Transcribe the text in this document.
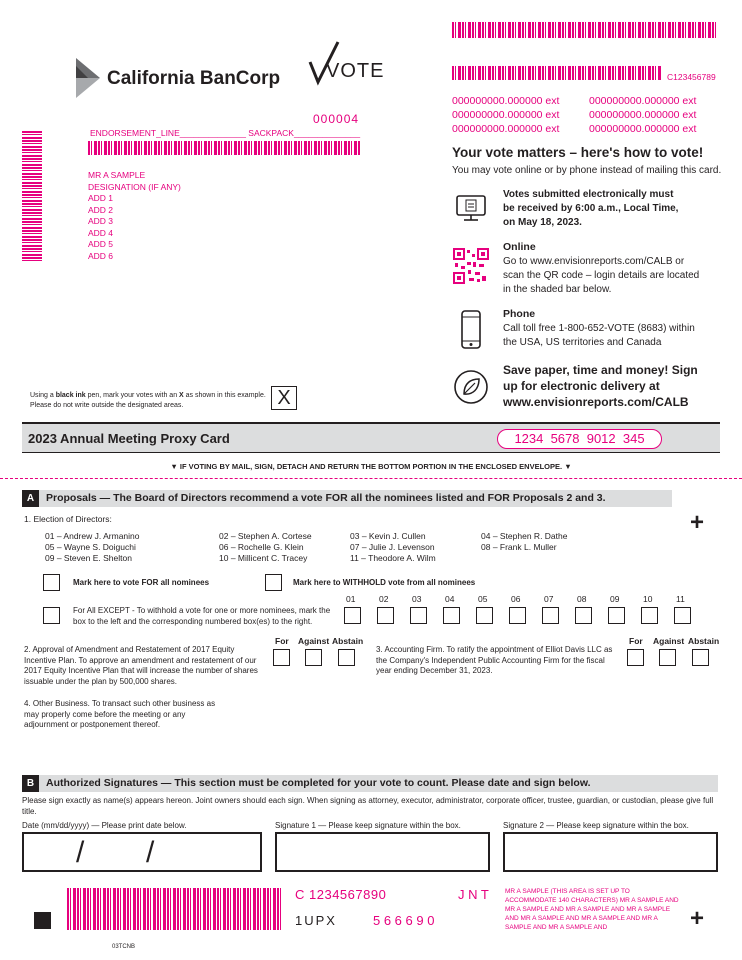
California BanCorp VOTE
000004
ENDORSEMENT_LINE______________ SACKPACK______________
MR A SAMPLE
DESIGNATION (IF ANY)
ADD 1
ADD 2
ADD 3
ADD 4
ADD 5
ADD 6
C123456789
000000000.000000 ext	000000000.000000 ext
000000000.000000 ext	000000000.000000 ext
000000000.000000 ext	000000000.000000 ext
Your vote matters – here's how to vote!
You may vote online or by phone instead of mailing this card.
Votes submitted electronically must be received by 6:00 a.m., Local Time, on May 18, 2023.
Online
Go to www.envisionreports.com/CALB or scan the QR code – login details are located in the shaded bar below.
Phone
Call toll free 1-800-652-VOTE (8683) within the USA, US territories and Canada
Save paper, time and money! Sign up for electronic delivery at www.envisionreports.com/CALB
Using a black ink pen, mark your votes with an X as shown in this example.
Please do not write outside the designated areas.	X
2023 Annual Meeting Proxy Card	1234  5678  9012  345
▼ IF VOTING BY MAIL, SIGN, DETACH AND RETURN THE BOTTOM PORTION IN THE ENCLOSED ENVELOPE. ▼
A	Proposals — The Board of Directors recommend a vote FOR all the nominees listed and FOR Proposals 2 and 3.
+
1. Election of Directors:
01 – Andrew J. Armanino
05 – Wayne S. Doiguchi
09 – Steven E. Shelton
02 – Stephen A. Cortese
06 – Rochelle G. Klein
10 – Millicent C. Tracey
03 – Kevin J. Cullen
07 – Julie J. Levenson
11 – Theodore A. Wilm
04 – Stephen R. Dathe
08 – Frank L. Muller
Mark here to vote FOR all nominees	Mark here to WITHHOLD vote from all nominees
For All EXCEPT - To withhold a vote for one or more nominees, mark the box to the left and the corresponding numbered box(es) to the right.
01	02	03	04	05	06	07	08	09	10	11
For Against Abstain
2. Approval of Amendment and Restatement of 2017 Equity Incentive Plan. To approve an amendment and restatement of our 2017 Equity Incentive Plan that will increase the number of shares issuable under the plan by 500,000 shares.
For Against Abstain
3. Accounting Firm. To ratify the appointment of Elliot Davis LLC as the Company's Independent Public Accounting Firm for the fiscal year ending December 31, 2023.
4. Other Business. To transact such other business as may properly come before the meeting or any adjournment or postponement thereof.
B	Authorized Signatures — This section must be completed for your vote to count. Please date and sign below.
Please sign exactly as name(s) appears hereon. Joint owners should each sign. When signing as attorney, executor, administrator, corporate officer, trustee, guardian, or custodian, please give full title.
Date (mm/dd/yyyy) — Please print date below.
/ /
Signature 1 — Please keep signature within the box.	Signature 2 — Please keep signature within the box.
C 1234567890	J N T
1UPX	5 6 6 6 9 0
MR A SAMPLE (THIS AREA IS SET UP TO ACCOMMODATE 140 CHARACTERS) MR A SAMPLE AND MR A SAMPLE AND MR A SAMPLE AND MR A SAMPLE AND MR A SAMPLE AND MR A SAMPLE AND MR A SAMPLE AND MR A SAMPLE AND	+
03TCNB
